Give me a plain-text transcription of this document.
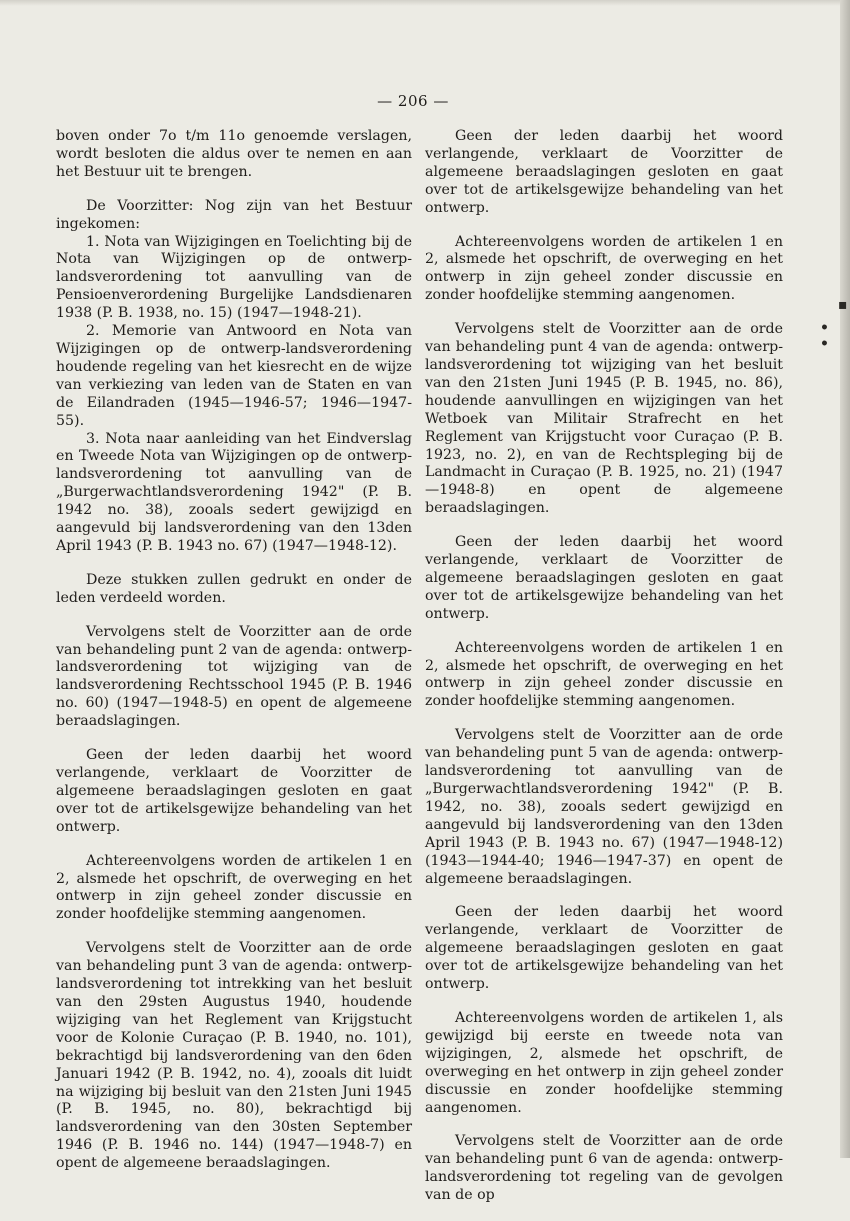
— 206 —

boven onder 7o t/m 11o genoemde verslagen, wordt besloten die aldus over te nemen en aan het Bestuur uit te brengen.

De Voorzitter: Nog zijn van het Bestuur ingekomen:

1. Nota van Wijzigingen en Toelichting bij de Nota van Wijzigingen op de ontwerp-landsverordening tot aanvulling van de Pensioenverordening Burgelijke Landsdienaren 1938 (P. B. 1938, no. 15) (1947—1948-21).

2. Memorie van Antwoord en Nota van Wijzigingen op de ontwerp-landsverordening houdende regeling van het kiesrecht en de wijze van verkiezing van leden van de Staten en van de Eilandraden (1945—1946-57; 1946—1947-55).

3. Nota naar aanleiding van het Eindverslag en Tweede Nota van Wijzigingen op de ontwerp-landsverordening tot aanvulling van de „Burgerwachtlandsverordening 1942" (P. B. 1942 no. 38), zooals sedert gewijzigd en aangevuld bij landsverordening van den 13den April 1943 (P. B. 1943 no. 67) (1947—1948-12).

Deze stukken zullen gedrukt en onder de leden verdeeld worden.

Vervolgens stelt de Voorzitter aan de orde van behandeling punt 2 van de agenda: ontwerp-landsverordening tot wijziging van de landsverordening Rechtsschool 1945 (P. B. 1946 no. 60) (1947—1948-5) en opent de algemeene beraadslagingen.

Geen der leden daarbij het woord verlangende, verklaart de Voorzitter de algemeene beraadslagingen gesloten en gaat over tot de artikelsgewijze behandeling van het ontwerp.

Achtereenvolgens worden de artikelen 1 en 2, alsmede het opschrift, de overweging en het ontwerp in zijn geheel zonder discussie en zonder hoofdelijke stemming aangenomen.

Vervolgens stelt de Voorzitter aan de orde van behandeling punt 3 van de agenda: ontwerp-landsverordening tot intrekking van het besluit van den 29sten Augustus 1940, houdende wijziging van het Reglement van Krijgstucht voor de Kolonie Curaçao (P. B. 1940, no. 101), bekrachtigd bij landsverordening van den 6den Januari 1942 (P. B. 1942, no. 4), zooals dit luidt na wijziging bij besluit van den 21sten Juni 1945 (P. B. 1945, no. 80), bekrachtigd bij landsverordening van den 30sten September 1946 (P. B. 1946 no. 144) (1947—1948-7) en opent de algemeene beraadslagingen.

Geen der leden daarbij het woord verlangende, verklaart de Voorzitter de algemeene beraadslagingen gesloten en gaat over tot de artikelsgewijze behandeling van het ontwerp.

Achtereenvolgens worden de artikelen 1 en 2, alsmede het opschrift, de overweging en het ontwerp in zijn geheel zonder discussie en zonder hoofdelijke stemming aangenomen.

Vervolgens stelt de Voorzitter aan de orde van behandeling punt 4 van de agenda: ontwerp-landsverordening tot wijziging van het besluit van den 21sten Juni 1945 (P. B. 1945, no. 86), houdende aanvullingen en wijzigingen van het Wetboek van Militair Strafrecht en het Reglement van Krijgstucht voor Curaçao (P. B. 1923, no. 2), en van de Rechtspleging bij de Landmacht in Curaçao (P. B. 1925, no. 21) (1947—1948-8) en opent de algemeene beraadslagingen.

Geen der leden daarbij het woord verlangende, verklaart de Voorzitter de algemeene beraadslagingen gesloten en gaat over tot de artikelsgewijze behandeling van het ontwerp.

Achtereenvolgens worden de artikelen 1 en 2, alsmede het opschrift, de overweging en het ontwerp in zijn geheel zonder discussie en zonder hoofdelijke stemming aangenomen.

Vervolgens stelt de Voorzitter aan de orde van behandeling punt 5 van de agenda: ontwerp-landsverordening tot aanvulling van de „Burgerwachtlandsverordening 1942" (P. B. 1942, no. 38), zooals sedert gewijzigd en aangevuld bij landsverordening van den 13den April 1943 (P. B. 1943 no. 67) (1947—1948-12) (1943—1944-40; 1946—1947-37) en opent de algemeene beraadslagingen.

Geen der leden daarbij het woord verlangende, verklaart de Voorzitter de algemeene beraadslagingen gesloten en gaat over tot de artikelsgewijze behandeling van het ontwerp.

Achtereenvolgens worden de artikelen 1, als gewijzigd bij eerste en tweede nota van wijzigingen, 2, alsmede het opschrift, de overweging en het ontwerp in zijn geheel zonder discussie en zonder hoofdelijke stemming aangenomen.

Vervolgens stelt de Voorzitter aan de orde van behandeling punt 6 van de agenda: ontwerp-landsverordening tot regeling van de gevolgen van de op

▪
• •
